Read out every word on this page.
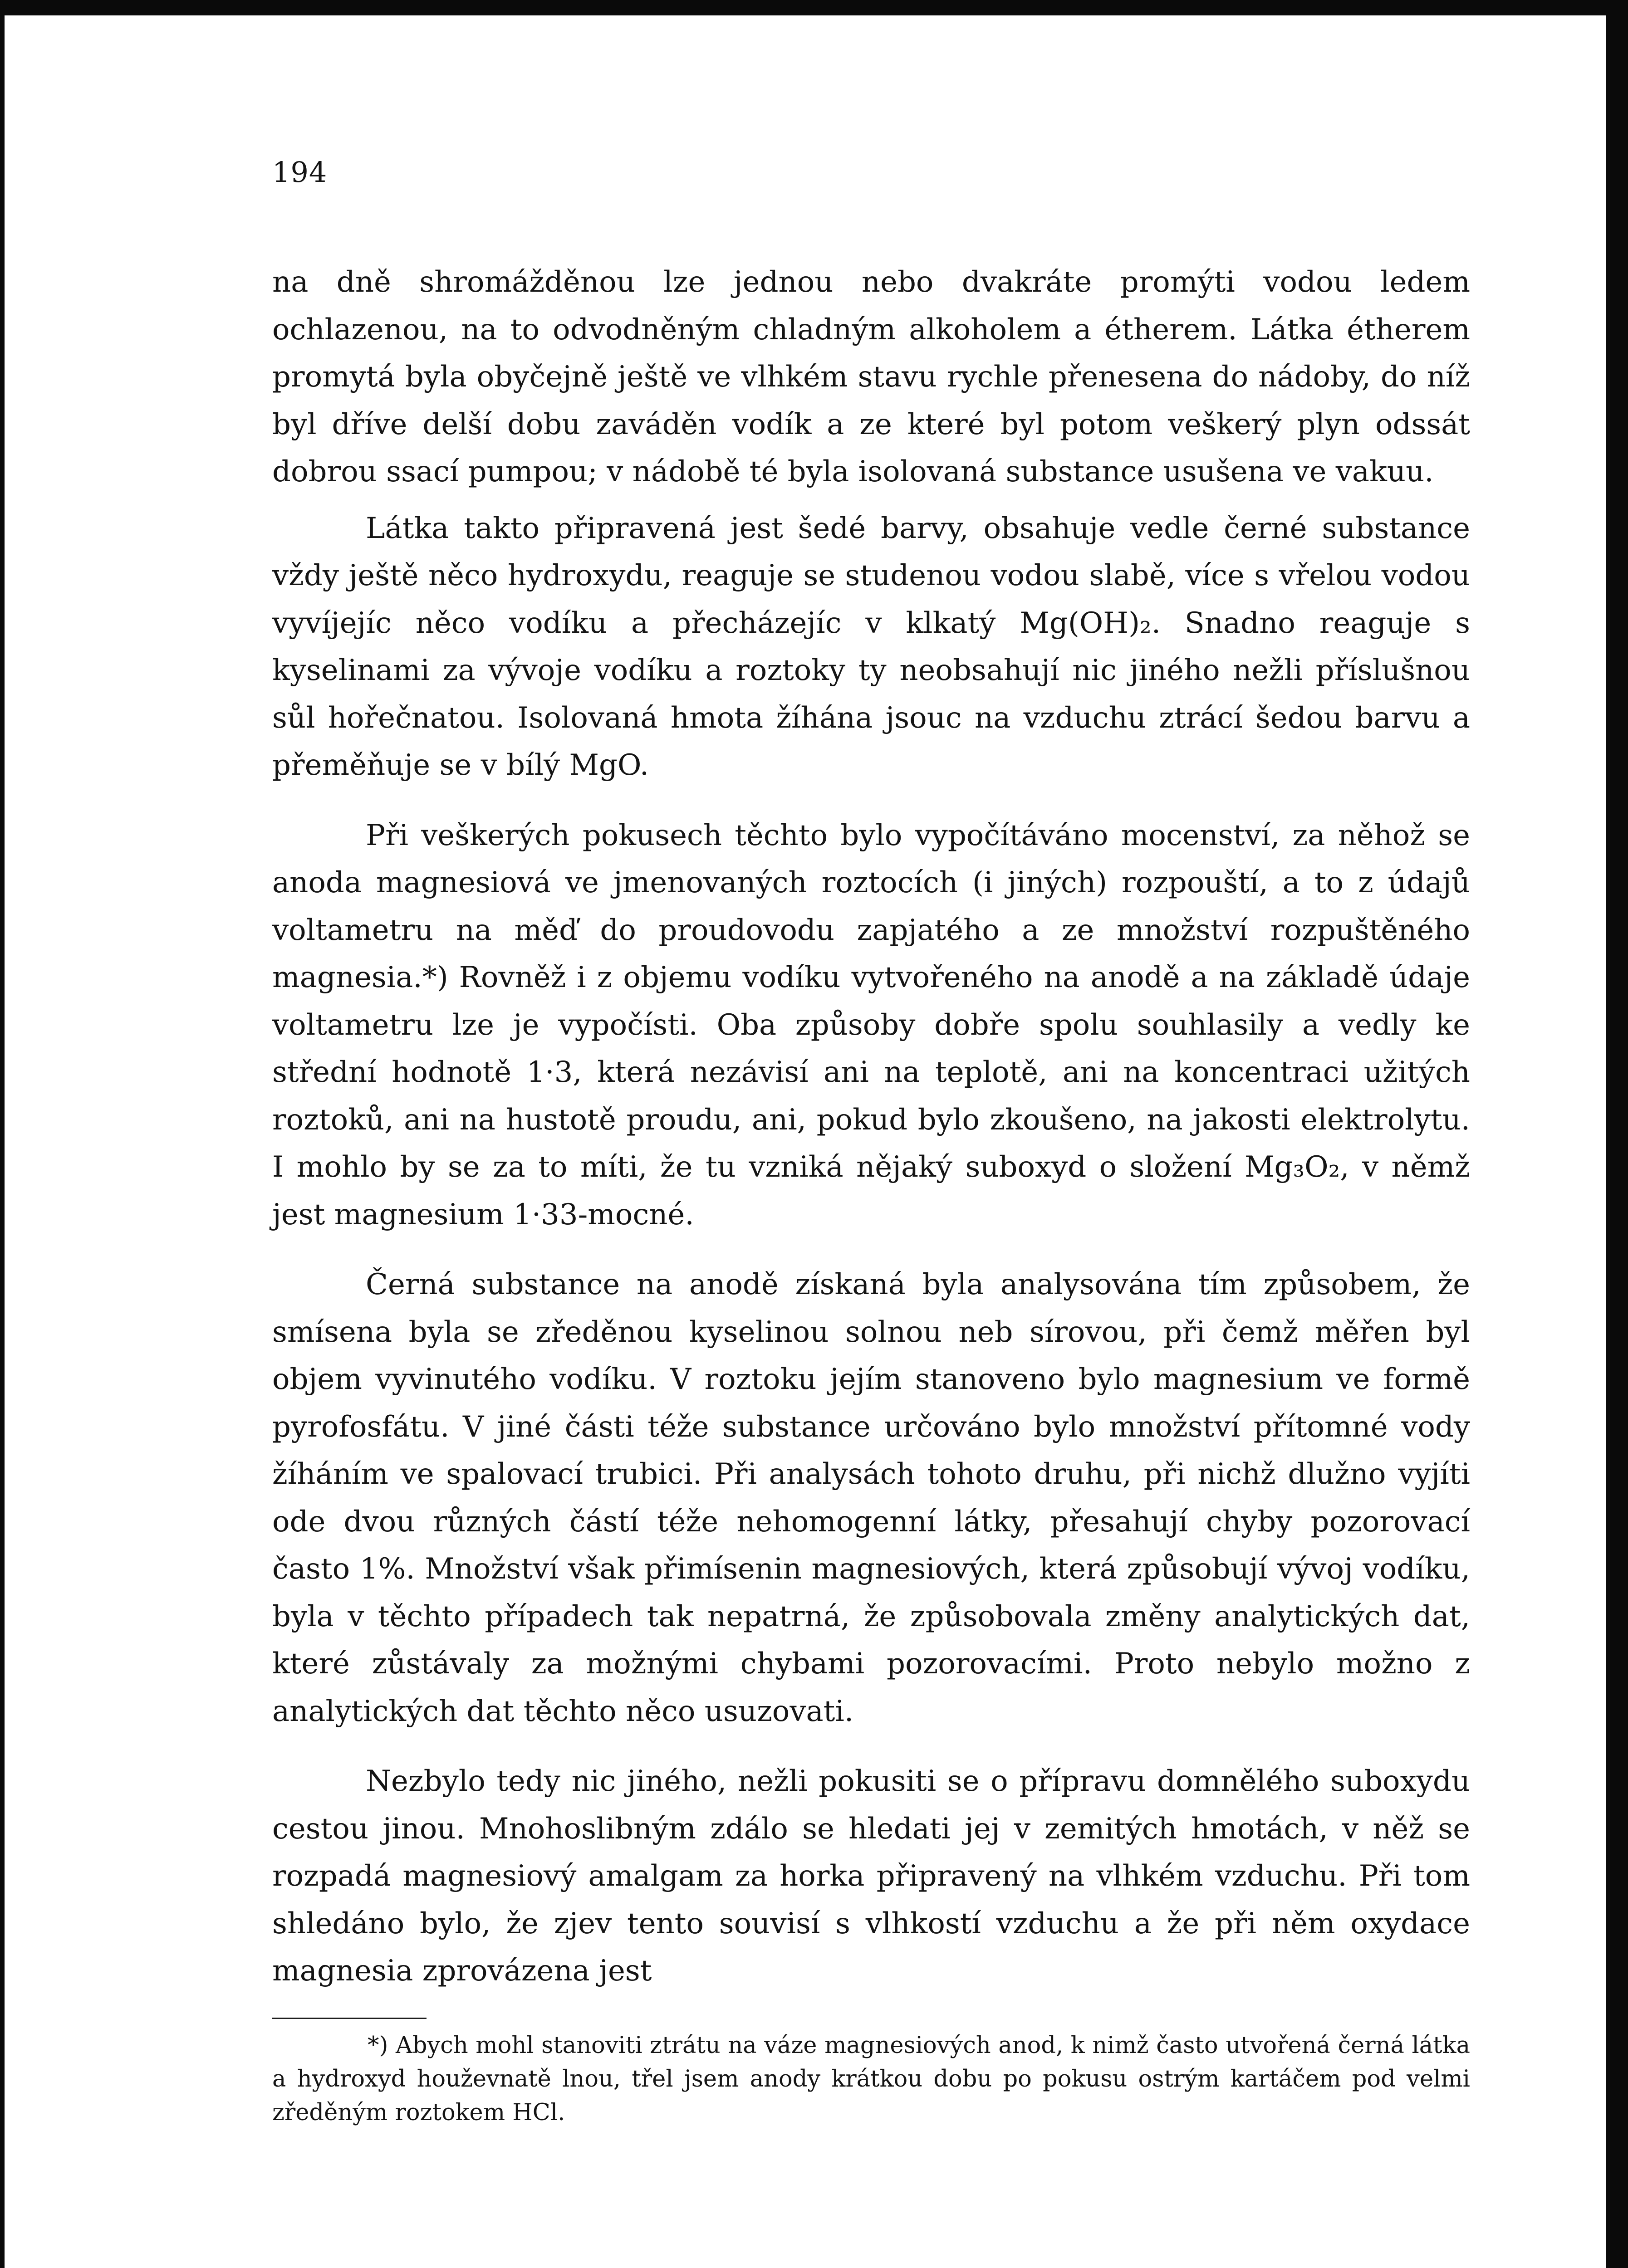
194

na dně shromážděnou lze jednou nebo dvakráte promýti vodou ledem ochlazenou, na to odvodněným chladným alkoholem a étherem. Látka étherem promytá byla obyčejně ještě ve vlhkém stavu rychle přenesena do nádoby, do níž byl dříve delší dobu zaváděn vodík a ze které byl potom veškerý plyn odssát dobrou ssací pumpou; v nádobě té byla isolovaná substance usušena ve vakuu.

Látka takto připravená jest šedé barvy, obsahuje vedle černé substance vždy ještě něco hydroxydu, reaguje se studenou vodou slabě, více s vřelou vodou vyvíjejíc něco vodíku a přecházejíc v klkatý Mg(OH)₂. Snadno reaguje s kyselinami za vývoje vodíku a roztoky ty neobsahují nic jiného nežli příslušnou sůl hořečnatou. Isolovaná hmota žíhána jsouc na vzduchu ztrácí šedou barvu a přeměňuje se v bílý MgO.

Při veškerých pokusech těchto bylo vypočítáváno mocenství, za něhož se anoda magnesiová ve jmenovaných roztocích (i jiných) rozpouští, a to z údajů voltametru na měď do proudovodu zapjatého a ze množství rozpuštěného magnesia.*) Rovněž i z objemu vodíku vytvořeného na anodě a na základě údaje voltametru lze je vypočísti. Oba způsoby dobře spolu souhlasily a vedly ke střední hodnotě 1·3, která nezávisí ani na teplotě, ani na koncentraci užitých roztoků, ani na hustotě proudu, ani, pokud bylo zkoušeno, na jakosti elektrolytu. I mohlo by se za to míti, že tu vzniká nějaký suboxyd o složení Mg₃O₂, v němž jest magnesium 1·33-mocné.

Černá substance na anodě získaná byla analysována tím způsobem, že smísena byla se zředěnou kyselinou solnou neb sírovou, při čemž měřen byl objem vyvinutého vodíku. V roztoku jejím stanoveno bylo magnesium ve formě pyrofosfátu. V jiné části téže substance určováno bylo množství přítomné vody žíháním ve spalovací trubici. Při analysách tohoto druhu, při nichž dlužno vyjíti ode dvou různých částí téže nehomogenní látky, přesahují chyby pozorovací často 1%. Množství však přimísenin magnesiových, která způsobují vývoj vodíku, byla v těchto případech tak nepatrná, že způsobovala změny analytických dat, které zůstávaly za možnými chybami pozorovacími. Proto nebylo možno z analytických dat těchto něco usuzovati.

Nezbylo tedy nic jiného, nežli pokusiti se o přípravu domnělého suboxydu cestou jinou. Mnohoslibným zdálo se hledati jej v zemitých hmotách, v něž se rozpadá magnesiový amalgam za horka připravený na vlhkém vzduchu. Při tom shledáno bylo, že zjev tento souvisí s vlhkostí vzduchu a že při něm oxydace magnesia zprovázena jest

*) Abych mohl stanoviti ztrátu na váze magnesiových anod, k nimž často utvořená černá látka a hydroxyd houževnatě lnou, třel jsem anody krátkou dobu po pokusu ostrým kartáčem pod velmi zředěným roztokem HCl.
